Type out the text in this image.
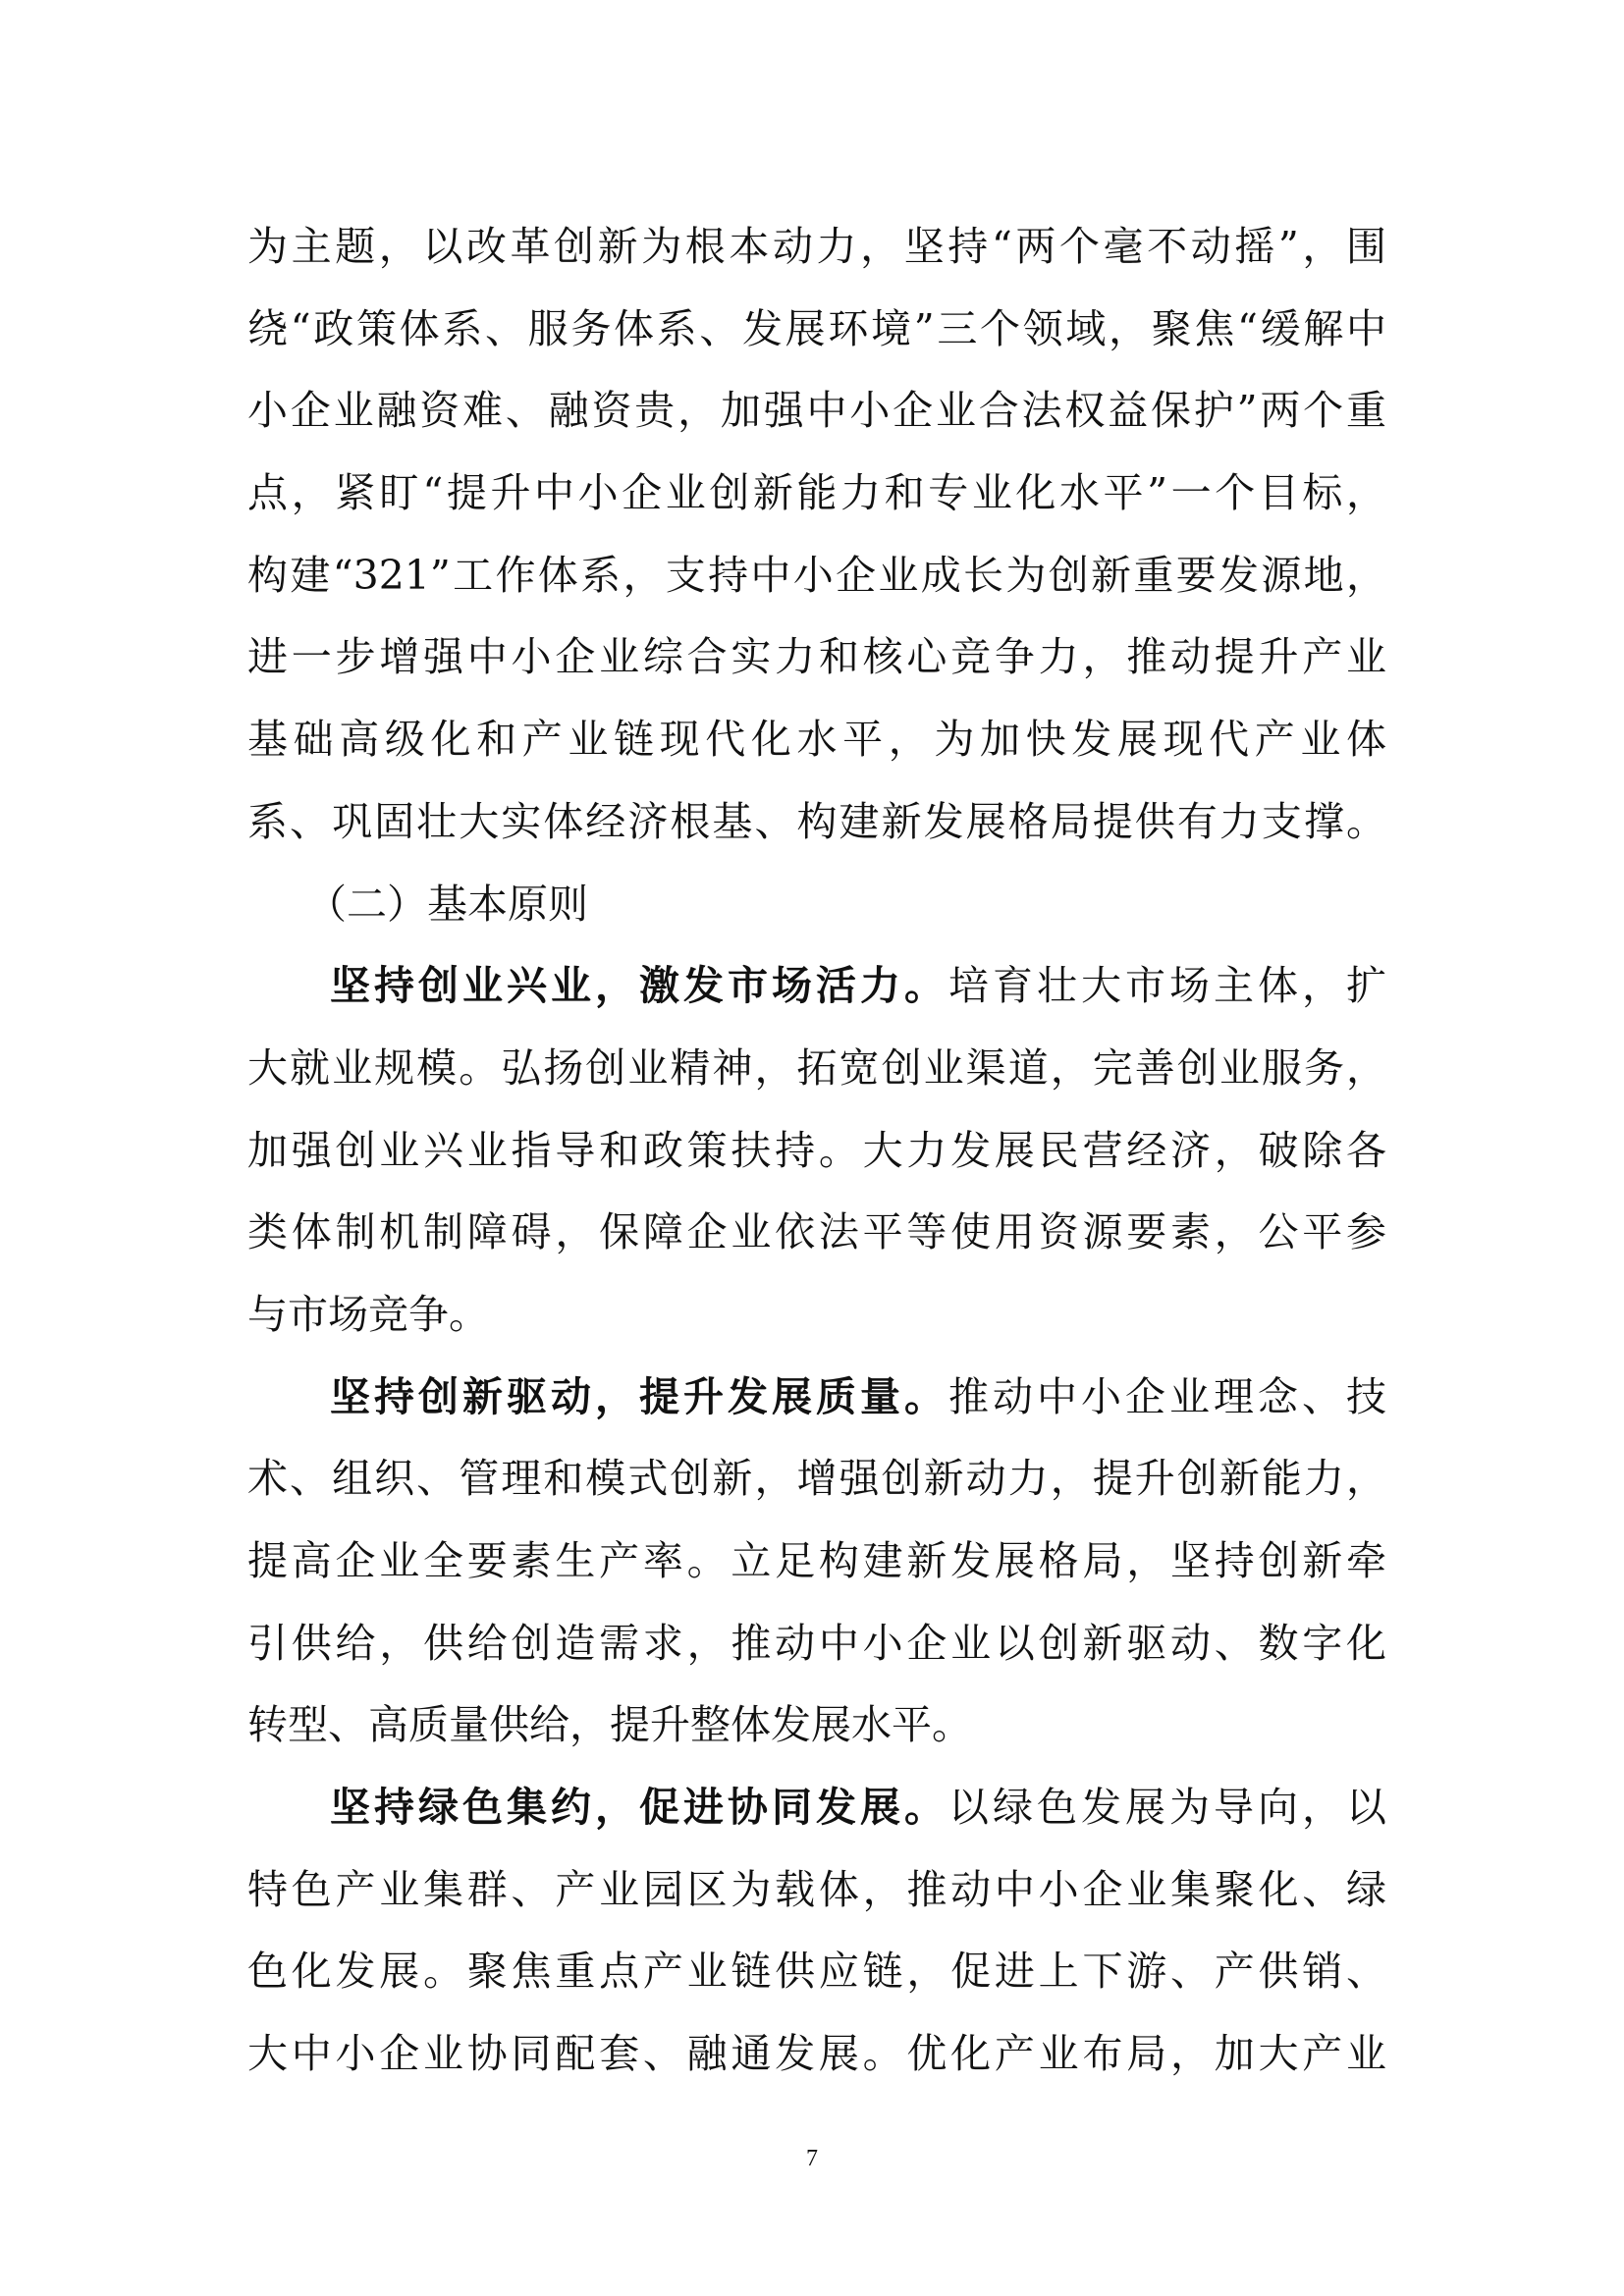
为主题，以改革创新为根本动力，坚持“两个毫不动摇”，围
绕“政策体系、服务体系、发展环境”三个领域，聚焦“缓解中
小企业融资难、融资贵，加强中小企业合法权益保护”两个重
点，紧盯“提升中小企业创新能力和专业化水平”一个目标，
构建“321”工作体系，支持中小企业成长为创新重要发源地，
进一步增强中小企业综合实力和核心竞争力，推动提升产业
基础高级化和产业链现代化水平，为加快发展现代产业体
系、巩固壮大实体经济根基、构建新发展格局提供有力支撑。
（二）基本原则
坚持创业兴业，激发市场活力。培育壮大市场主体，扩
大就业规模。弘扬创业精神，拓宽创业渠道，完善创业服务，
加强创业兴业指导和政策扶持。大力发展民营经济，破除各
类体制机制障碍，保障企业依法平等使用资源要素，公平参
与市场竞争。
坚持创新驱动，提升发展质量。推动中小企业理念、技
术、组织、管理和模式创新，增强创新动力，提升创新能力，
提高企业全要素生产率。立足构建新发展格局，坚持创新牵
引供给，供给创造需求，推动中小企业以创新驱动、数字化
转型、高质量供给，提升整体发展水平。
坚持绿色集约，促进协同发展。以绿色发展为导向，以
特色产业集群、产业园区为载体，推动中小企业集聚化、绿
色化发展。聚焦重点产业链供应链，促进上下游、产供销、
大中小企业协同配套、融通发展。优化产业布局，加大产业
7
